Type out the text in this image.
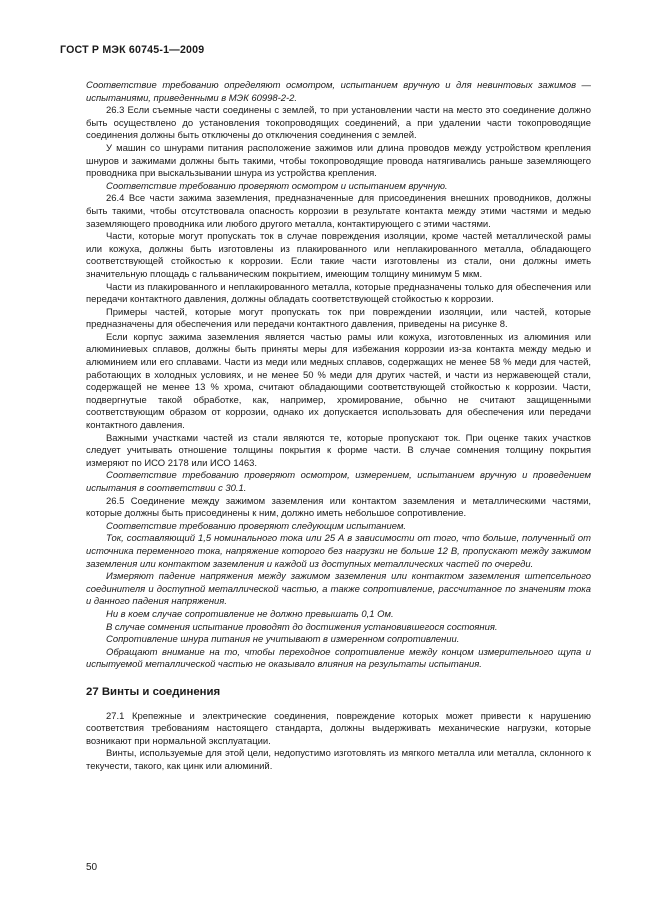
ГОСТ Р МЭК 60745-1—2009

Соответствие требованию определяют осмотром, испытанием вручную и для невинтовых зажимов — испытаниями, приведенными в МЭК 60998-2-2.

26.3 Если съемные части соединены с землей, то при установлении части на место это соединение должно быть осуществлено до установления токопроводящих соединений, а при удалении части токопроводящие соединения должны быть отключены до отключения соединения с землей.

У машин со шнурами питания расположение зажимов или длина проводов между устройством крепления шнуров и зажимами должны быть такими, чтобы токопроводящие провода натягивались раньше заземляющего проводника при выскальзывании шнура из устройства крепления.

Соответствие требованию проверяют осмотром и испытанием вручную.

26.4 Все части зажима заземления, предназначенные для присоединения внешних проводников, должны быть такими, чтобы отсутствовала опасность коррозии в результате контакта между этими частями и медью заземляющего проводника или любого другого металла, контактирующего с этими частями.

Части, которые могут пропускать ток в случае повреждения изоляции, кроме частей металлической рамы или кожуха, должны быть изготовлены из плакированного или неплакированного металла, обладающего соответствующей стойкостью к коррозии. Если такие части изготовлены из стали, они должны иметь значительную площадь с гальваническим покрытием, имеющим толщину минимум 5 мкм.

Части из плакированного и неплакированного металла, которые предназначены только для обеспечения или передачи контактного давления, должны обладать соответствующей стойкостью к коррозии.

Примеры частей, которые могут пропускать ток при повреждении изоляции, или частей, которые предназначены для обеспечения или передачи контактного давления, приведены на рисунке 8.

Если корпус зажима заземления является частью рамы или кожуха, изготовленных из алюминия или алюминиевых сплавов, должны быть приняты меры для избежания коррозии из-за контакта между медью и алюминием или его сплавами. Части из меди или медных сплавов, содержащих не менее 58 % меди для частей, работающих в холодных условиях, и не менее 50 % меди для других частей, и части из нержавеющей стали, содержащей не менее 13 % хрома, считают обладающими соответствующей стойкостью к коррозии. Части, подвергнутые такой обработке, как, например, хромирование, обычно не считают защищенными соответствующим образом от коррозии, однако их допускается использовать для обеспечения или передачи контактного давления.

Важными участками частей из стали являются те, которые пропускают ток. При оценке таких участков следует учитывать отношение толщины покрытия к форме части. В случае сомнения толщину покрытия измеряют по ИСО 2178 или ИСО 1463.

Соответствие требованию проверяют осмотром, измерением, испытанием вручную и проведением испытания в соответствии с 30.1.

26.5 Соединение между зажимом заземления или контактом заземления и металлическими частями, которые должны быть присоединены к ним, должно иметь небольшое сопротивление.

Соответствие требованию проверяют следующим испытанием.

Ток, составляющий 1,5 номинального тока или 25 А в зависимости от того, что больше, полученный от источника переменного тока, напряжение которого без нагрузки не больше 12 В, пропускают между зажимом заземления или контактом заземления и каждой из доступных металлических частей по очереди.

Измеряют падение напряжения между зажимом заземления или контактом заземления штепсельного соединителя и доступной металлической частью, а также сопротивление, рассчитанное по значениям тока и данного падения напряжения.

Ни в коем случае сопротивление не должно превышать 0,1 Ом.

В случае сомнения испытание проводят до достижения установившегося состояния.

Сопротивление шнура питания не учитывают в измеренном сопротивлении.

Обращают внимание на то, чтобы переходное сопротивление между концом измерительного щупа и испытуемой металлической частью не оказывало влияния на результаты испытания.

27 Винты и соединения

27.1 Крепежные и электрические соединения, повреждение которых может привести к нарушению соответствия требованиям настоящего стандарта, должны выдерживать механические нагрузки, которые возникают при нормальной эксплуатации.

Винты, используемые для этой цели, недопустимо изготовлять из мягкого металла или металла, склонного к текучести, такого, как цинк или алюминий.

50
